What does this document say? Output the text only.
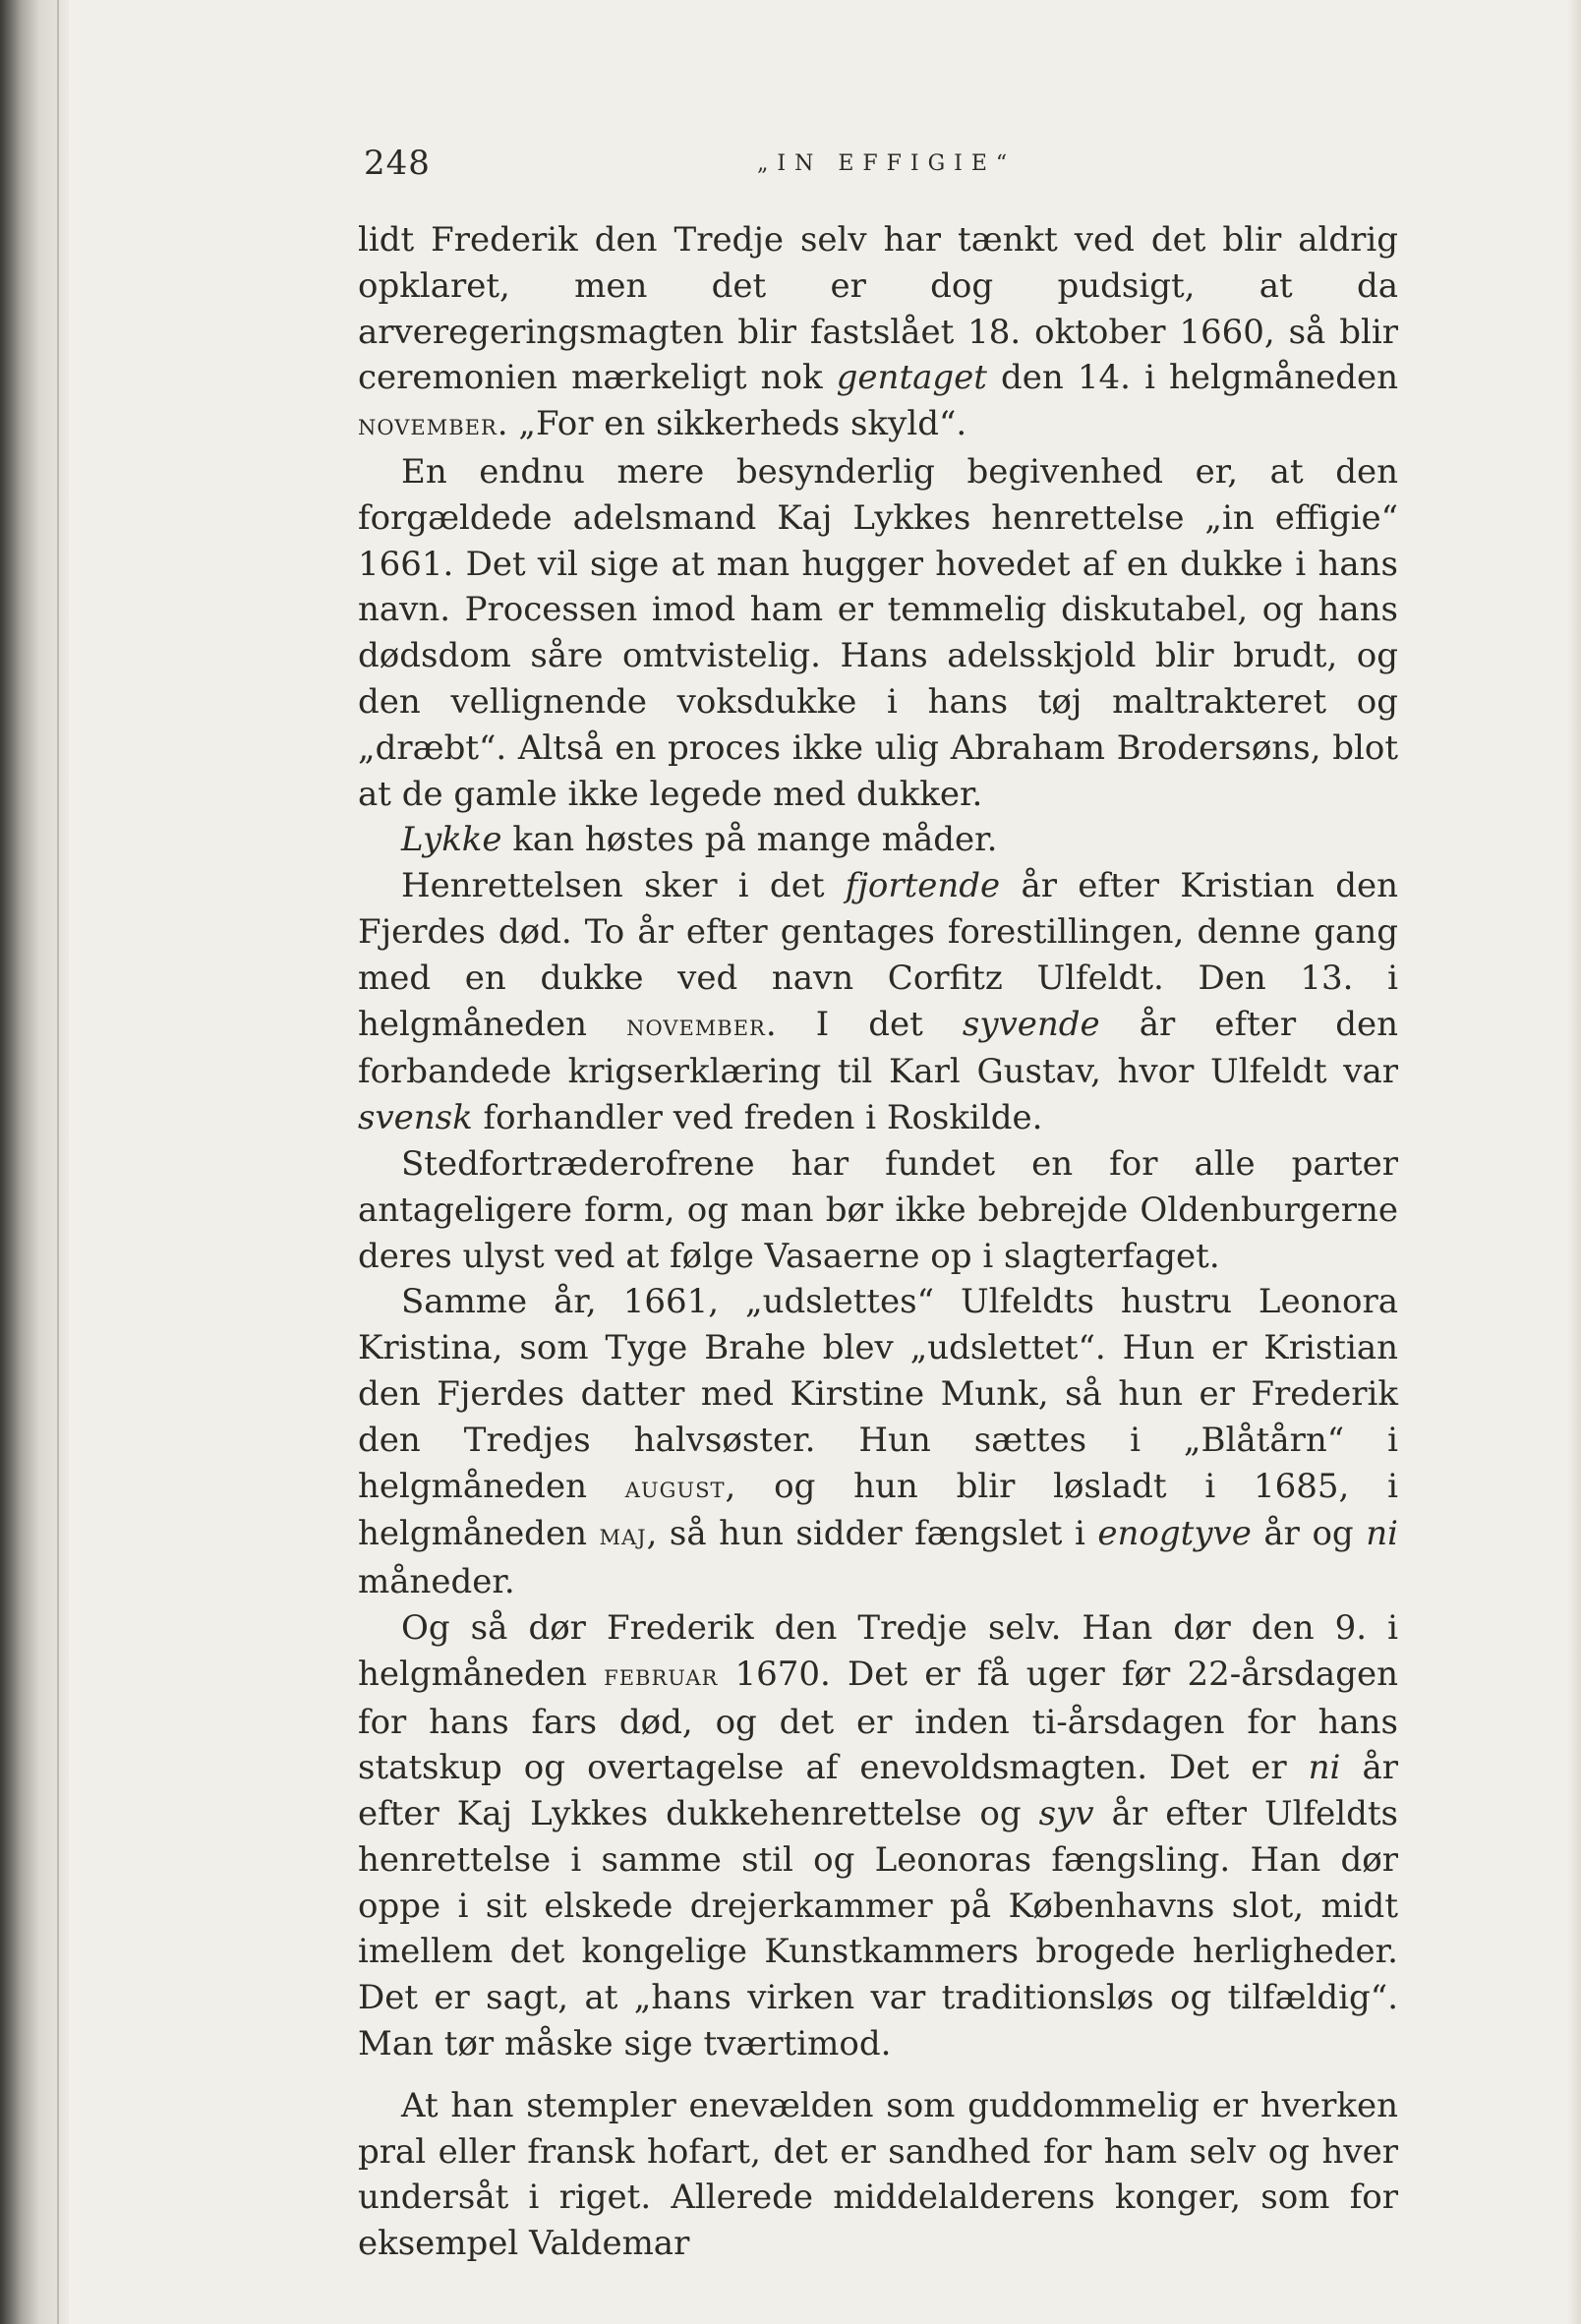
248	„IN EFFIGIE“

lidt Frederik den Tredje selv har tænkt ved det blir aldrig opklaret, men det er dog pudsigt, at da arveregeringsmagten blir fastslået 18. oktober 1660, så blir ceremonien mærkeligt nok gentaget den 14. i helgmåneden november. „For en sikkerheds skyld“.

En endnu mere besynderlig begivenhed er, at den forgældede adelsmand Kaj Lykkes henrettelse „in effigie“ 1661. Det vil sige at man hugger hovedet af en dukke i hans navn. Processen imod ham er temmelig diskutabel, og hans dødsdom såre omtvistelig. Hans adelsskjold blir brudt, og den vellignende voksdukke i hans tøj maltrakteret og „dræbt“. Altså en proces ikke ulig Abraham Brodersøns, blot at de gamle ikke legede med dukker.

Lykke kan høstes på mange måder.

Henrettelsen sker i det fjortende år efter Kristian den Fjerdes død. To år efter gentages forestillingen, denne gang med en dukke ved navn Corfitz Ulfeldt. Den 13. i helgmåneden november. I det syvende år efter den forbandede krigserklæring til Karl Gustav, hvor Ulfeldt var svensk forhandler ved freden i Roskilde.

Stedfortræderofrene har fundet en for alle parter antageligere form, og man bør ikke bebrejde Oldenburgerne deres ulyst ved at følge Vasaerne op i slagterfaget.

Samme år, 1661, „udslettes“ Ulfeldts hustru Leonora Kristina, som Tyge Brahe blev „udslettet“. Hun er Kristian den Fjerdes datter med Kirstine Munk, så hun er Frederik den Tredjes halvsøster. Hun sættes i „Blåtårn“ i helgmåneden august, og hun blir løsladt i 1685, i helgmåneden maj, så hun sidder fængslet i enogtyve år og ni måneder.

Og så dør Frederik den Tredje selv. Han dør den 9. i helgmåneden februar 1670. Det er få uger før 22-årsdagen for hans fars død, og det er inden ti-årsdagen for hans statskup og overtagelse af enevoldsmagten. Det er ni år efter Kaj Lykkes dukkehenrettelse og syv år efter Ulfeldts henrettelse i samme stil og Leonoras fængsling. Han dør oppe i sit elskede drejerkammer på Københavns slot, midt imellem det kongelige Kunstkammers brogede herligheder. Det er sagt, at „hans virken var traditionsløs og tilfældig“. Man tør måske sige tværtimod.

At han stempler enevælden som guddommelig er hverken pral eller fransk hofart, det er sandhed for ham selv og hver undersåt i riget. Allerede middelalderens konger, som for eksempel Valdemar
